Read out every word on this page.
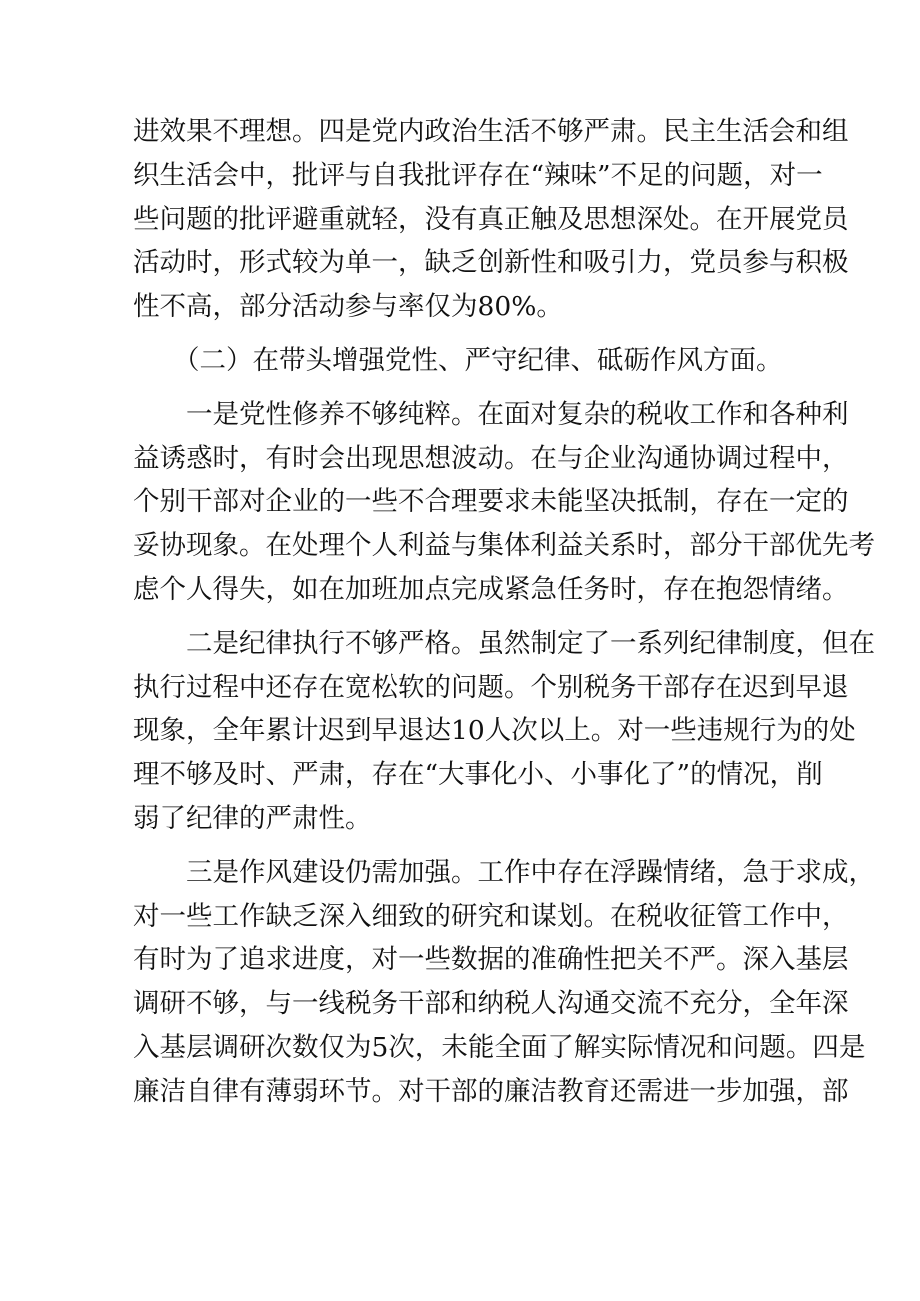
进效果不理想。四是党内政治生活不够严肃。民主生活会和组
织生活会中，批评与自我批评存在“辣味”不足的问题，对一
些问题的批评避重就轻，没有真正触及思想深处。在开展党员
活动时，形式较为单一，缺乏创新性和吸引力，党员参与积极
性不高，部分活动参与率仅为80%。
（二）在带头增强党性、严守纪律、砥砺作风方面。
一是党性修养不够纯粹。在面对复杂的税收工作和各种利
益诱惑时，有时会出现思想波动。在与企业沟通协调过程中，
个别干部对企业的一些不合理要求未能坚决抵制，存在一定的
妥协现象。在处理个人利益与集体利益关系时，部分干部优先考
虑个人得失，如在加班加点完成紧急任务时，存在抱怨情绪。
二是纪律执行不够严格。虽然制定了一系列纪律制度，但在
执行过程中还存在宽松软的问题。个别税务干部存在迟到早退
现象，全年累计迟到早退达10人次以上。对一些违规行为的处
理不够及时、严肃，存在“大事化小、小事化了”的情况，削
弱了纪律的严肃性。
三是作风建设仍需加强。工作中存在浮躁情绪，急于求成，
对一些工作缺乏深入细致的研究和谋划。在税收征管工作中，
有时为了追求进度，对一些数据的准确性把关不严。深入基层
调研不够，与一线税务干部和纳税人沟通交流不充分，全年深
入基层调研次数仅为5次，未能全面了解实际情况和问题。四是
廉洁自律有薄弱环节。对干部的廉洁教育还需进一步加强，部
